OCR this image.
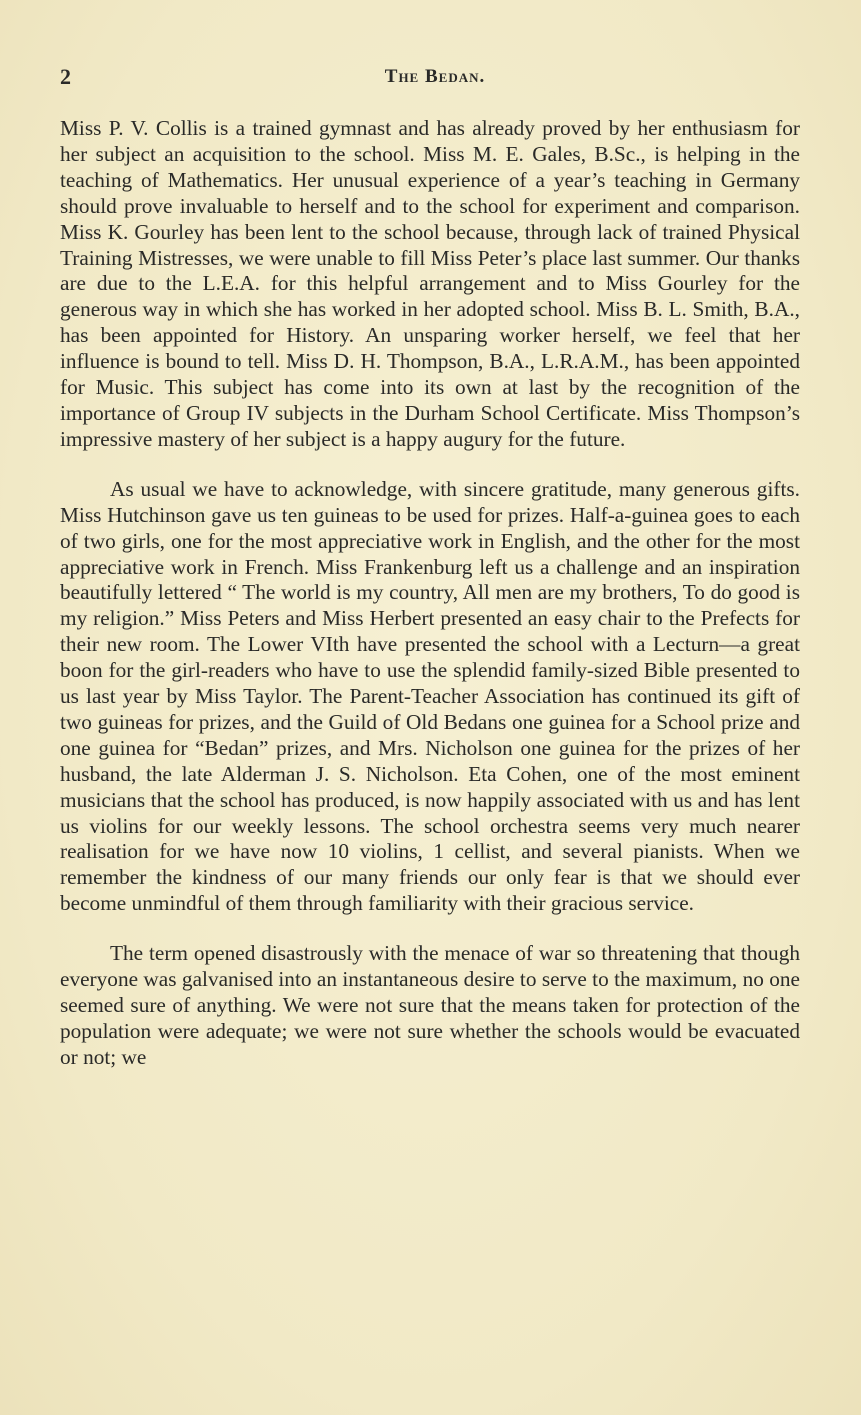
2	The Bedan.

Miss P. V. Collis is a trained gymnast and has already proved by her enthusiasm for her subject an acquisition to the school. Miss M. E. Gales, B.Sc., is helping in the teaching of Mathematics. Her unusual experience of a year’s teaching in Germany should prove invaluable to herself and to the school for experiment and comparison. Miss K. Gourley has been lent to the school because, through lack of trained Physical Training Mistresses, we were unable to fill Miss Peter’s place last summer. Our thanks are due to the L.E.A. for this helpful arrangement and to Miss Gourley for the generous way in which she has worked in her adopted school. Miss B. L. Smith, B.A., has been appointed for History. An unsparing worker herself, we feel that her influence is bound to tell. Miss D. H. Thompson, B.A., L.R.A.M., has been appointed for Music. This subject has come into its own at last by the recognition of the importance of Group IV subjects in the Durham School Certificate. Miss Thompson’s impressive mastery of her subject is a happy augury for the future.

As usual we have to acknowledge, with sincere gratitude, many generous gifts. Miss Hutchinson gave us ten guineas to be used for prizes. Half-a-guinea goes to each of two girls, one for the most appreciative work in English, and the other for the most appreciative work in French. Miss Frankenburg left us a challenge and an inspiration beautifully lettered “ The world is my country, All men are my brothers, To do good is my religion.” Miss Peters and Miss Herbert presented an easy chair to the Prefects for their new room. The Lower VIth have presented the school with a Lecturn—a great boon for the girl-readers who have to use the splendid family-sized Bible presented to us last year by Miss Taylor. The Parent-Teacher Association has continued its gift of two guineas for prizes, and the Guild of Old Bedans one guinea for a School prize and one guinea for “Bedan” prizes, and Mrs. Nicholson one guinea for the prizes of her husband, the late Alderman J. S. Nicholson. Eta Cohen, one of the most eminent musicians that the school has produced, is now happily associated with us and has lent us violins for our weekly lessons. The school orchestra seems very much nearer realisation for we have now 10 violins, 1 cellist, and several pianists. When we remember the kindness of our many friends our only fear is that we should ever become unmindful of them through familiarity with their gracious service.

The term opened disastrously with the menace of war so threatening that though everyone was galvanised into an instantaneous desire to serve to the maximum, no one seemed sure of anything. We were not sure that the means taken for protection of the population were adequate; we were not sure whether the schools would be evacuated or not; we
